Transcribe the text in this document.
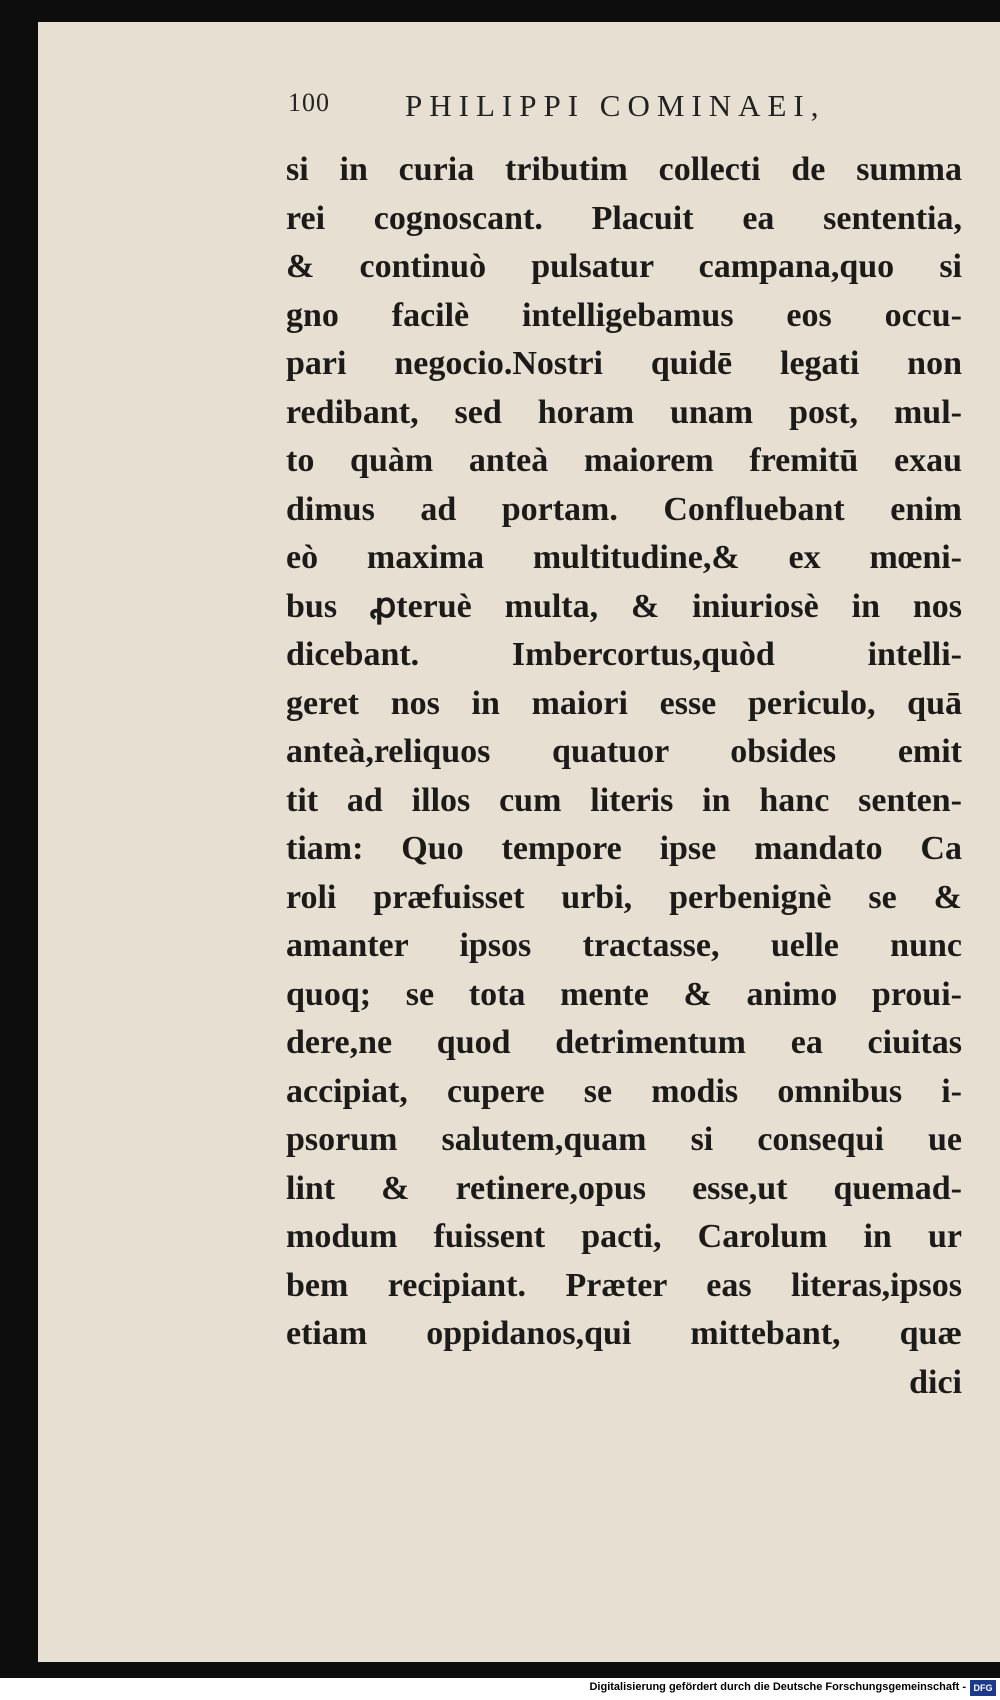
100 PHILIPPI COMINAEI,
si in curia tributim collecti de summa
rei cognoscant. Placuit ea sententia,
& continuò pulsatur campana,quo si
gno facilè intelligebamus eos occu-
pari negocio.Nostri quidē legati non
redibant, sed horam unam post, mul-
to quàm anteà maiorem fremitū exau
dimus ad portam. Confluebant enim
eò maxima multitudine,& ex mœni-
bus ꝓteruè multa, & iniuriosè in nos
dicebant. Imbercortus,quòd intelli-
geret nos in maiori esse periculo, quā
anteà,reliquos quatuor obsides emit
tit ad illos cum literis in hanc senten-
tiam: Quo tempore ipse mandato Ca
roli præfuisset urbi, perbenignè se &
amanter ipsos tractasse, uelle nunc
quoq; se tota mente & animo proui-
dere,ne quod detrimentum ea ciuitas
accipiat, cupere se modis omnibus i-
psorum salutem,quam si consequi ue
lint & retinere,opus esse,ut quemad-
modum fuissent pacti, Carolum in ur
bem recipiant. Præter eas literas,ipsos
etiam oppidanos,qui mittebant, quæ
dici
Digitalisierung gefördert durch die Deutsche Forschungsgemeinschaft - DFG
